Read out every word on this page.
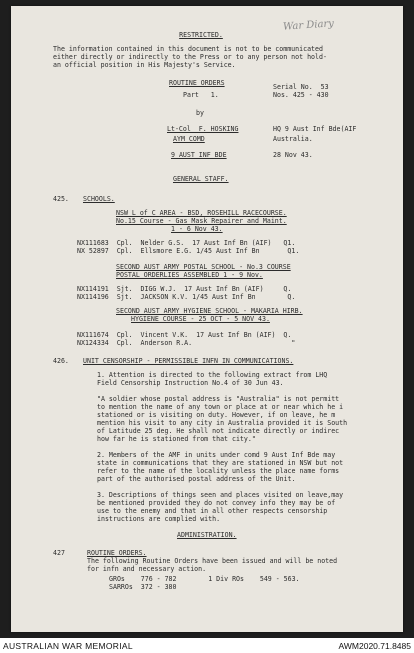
War Diary
RESTRICTED.
The information contained in this document is not to be communicated
either directly or indirectly to the Press or to any person not hold-
an official position in His Majesty's Service.
ROUTINE ORDERS
Part   1.
Serial No.  53
Nos. 425 - 430
by
Lt-Col  F. HOSKING	HQ 9 Aust Inf Bde(AIF
AYM COMD	Australia.
9 AUST INF BDE	28 Nov 43.
GENERAL STAFF.
425. SCHOOLS.
NSW L of C AREA - BSD, ROSEHILL RACECOURSE.
No.15 Course - Gas Mask Repairer and Maint.
1 - 6 Nov 43.
NX111683  Cpl.  Nelder G.S.  17 Aust Inf Bn (AIF)   Q1.
NX 52897  Cpl.  Ellsmore E.G. 1/45 Aust Inf Bn       Q1.
SECOND AUST ARMY POSTAL SCHOOL - No.3 COURSE
POSTAL ORDERLIES ASSEMBLED 1 - 9 Nov.
NX114191  Sjt.  DIGG W.J.  17 Aust Inf Bn (AIF)     Q.
NX114196  Sjt.  JACKSON K.V. 1/45 Aust Inf Bn        Q.
SECOND AUST ARMY HYGIENE SCHOOL - MAKARIA HIRB.
HYGIENE COURSE - 25 OCT - 5 NOV 43.
NX111674  Cpl.  Vincent V.K.  17 Aust Inf Bn (AIF)  Q.
NX124334  Cpl.  Anderson R.A.                         "
426. UNIT CENSORSHIP - PERMISSIBLE INFN IN COMMUNICATIONS.
1. Attention is directed to the following extract from LHQ
Field Censorship Instruction No.4 of 30 Jun 43.
"A soldier whose postal address is "Australia" is not permitt
to mention the name of any town or place at or near which he i
stationed or is visiting on duty. However, if on leave, he m
mention his visit to any city in Australia provided it is South
of Latitude 25 deg. He shall not indicate directly or indirec
how far he is stationed from that city."
2. Members of the AMF in units under comd 9 Aust Inf Bde may
state in communications that they are stationed in NSW but not
refer to the name of the locality unless the place name forms
part of the authorised postal address of the Unit.
3. Descriptions of things seen and places visited on leave,may
be mentioned provided they do not convey info they may be of
use to the enemy and that in all other respects censorship
instructions are complied with.
ADMINISTRATION.
427	ROUTINE ORDERS.
The following Routine Orders have been issued and will be noted
for infn and necessary action.
GROs    776 - 782        1 Div ROs    549 - 563.
SARROs  372 - 380
AUSTRALIAN WAR MEMORIAL	AWM2020.71.8485
